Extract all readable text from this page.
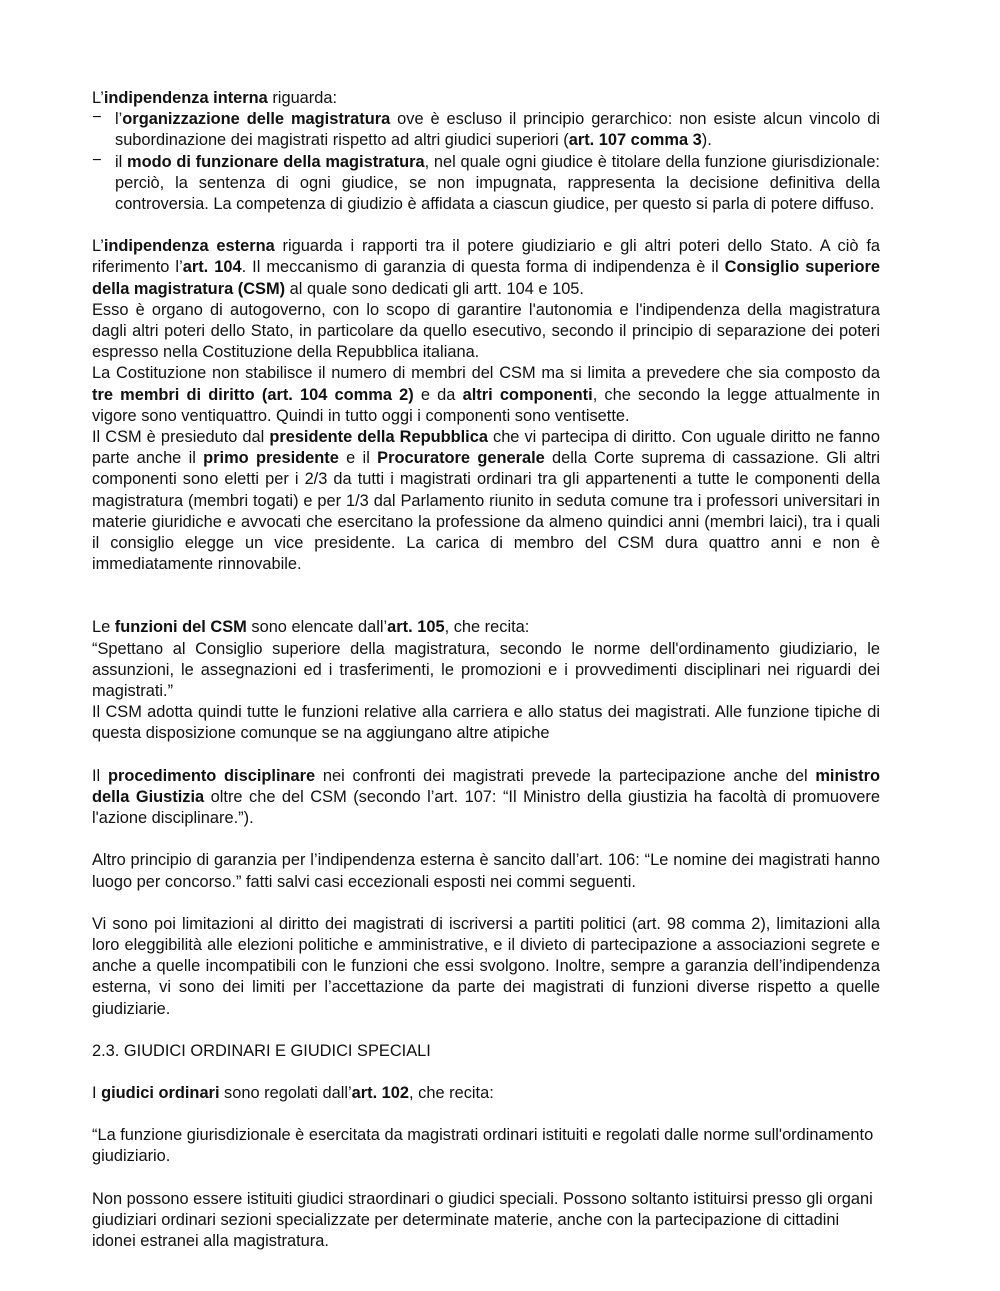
L’indipendenza interna riguarda:

− l’organizzazione delle magistratura ove è escluso il principio gerarchico: non esiste alcun vincolo di subordinazione dei magistrati rispetto ad altri giudici superiori (art. 107 comma 3).
− il modo di funzionare della magistratura, nel quale ogni giudice è titolare della funzione giurisdizionale: perciò, la sentenza di ogni giudice, se non impugnata, rappresenta la decisione definitiva della controversia. La competenza di giudizio è affidata a ciascun giudice, per questo si parla di potere diffuso.

L’indipendenza esterna riguarda i rapporti tra il potere giudiziario e gli altri poteri dello Stato. A ciò fa riferimento l’art. 104. Il meccanismo di garanzia di questa forma di indipendenza è il Consiglio superiore della magistratura (CSM) al quale sono dedicati gli artt. 104 e 105.

Esso è organo di autogoverno, con lo scopo di garantire l'autonomia e l'indipendenza della magistratura dagli altri poteri dello Stato, in particolare da quello esecutivo, secondo il principio di separazione dei poteri espresso nella Costituzione della Repubblica italiana.

La Costituzione non stabilisce il numero di membri del CSM ma si limita a prevedere che sia composto da tre membri di diritto (art. 104 comma 2) e da altri componenti, che secondo la legge attualmente in vigore sono ventiquattro. Quindi in tutto oggi i componenti sono ventisette.

Il CSM è presieduto dal presidente della Repubblica che vi partecipa di diritto. Con uguale diritto ne fanno parte anche il primo presidente e il Procuratore generale della Corte suprema di cassazione. Gli altri componenti sono eletti per i 2/3 da tutti i magistrati ordinari tra gli appartenenti a tutte le componenti della magistratura (membri togati) e per 1/3 dal Parlamento riunito in seduta comune tra i professori universitari in materie giuridiche e avvocati che esercitano la professione da almeno quindici anni (membri laici), tra i quali il consiglio elegge un vice presidente. La carica di membro del CSM dura quattro anni e non è immediatamente rinnovabile.

Le funzioni del CSM sono elencate dall’art. 105, che recita:

“Spettano al Consiglio superiore della magistratura, secondo le norme dell'ordinamento giudiziario, le assunzioni, le assegnazioni ed i trasferimenti, le promozioni e i provvedimenti disciplinari nei riguardi dei magistrati.”

Il CSM adotta quindi tutte le funzioni relative alla carriera e allo status dei magistrati. Alle funzione tipiche di questa disposizione comunque se na aggiungano altre atipiche

Il procedimento disciplinare nei confronti dei magistrati prevede la partecipazione anche del ministro della Giustizia oltre che del CSM (secondo l’art. 107: “Il Ministro della giustizia ha facoltà di promuovere l'azione disciplinare.”).

Altro principio di garanzia per l’indipendenza esterna è sancito dall’art. 106: “Le nomine dei magistrati hanno luogo per concorso.” fatti salvi casi eccezionali esposti nei commi seguenti.

Vi sono poi limitazioni al diritto dei magistrati di iscriversi a partiti politici (art. 98 comma 2), limitazioni alla loro eleggibilità alle elezioni politiche e amministrative, e il divieto di partecipazione a associazioni segrete e anche a quelle incompatibili con le funzioni che essi svolgono. Inoltre, sempre a garanzia dell’indipendenza esterna, vi sono dei limiti per l’accettazione da parte dei magistrati di funzioni diverse rispetto a quelle giudiziarie.

2.3. GIUDICI ORDINARI E GIUDICI SPECIALI

I giudici ordinari sono regolati dall’art. 102, che recita:

“La funzione giurisdizionale è esercitata da magistrati ordinari istituiti e regolati dalle norme sull'ordinamento giudiziario.

Non possono essere istituiti giudici straordinari o giudici speciali. Possono soltanto istituirsi presso gli organi giudiziari ordinari sezioni specializzate per determinate materie, anche con la partecipazione di cittadini idonei estranei alla magistratura.
